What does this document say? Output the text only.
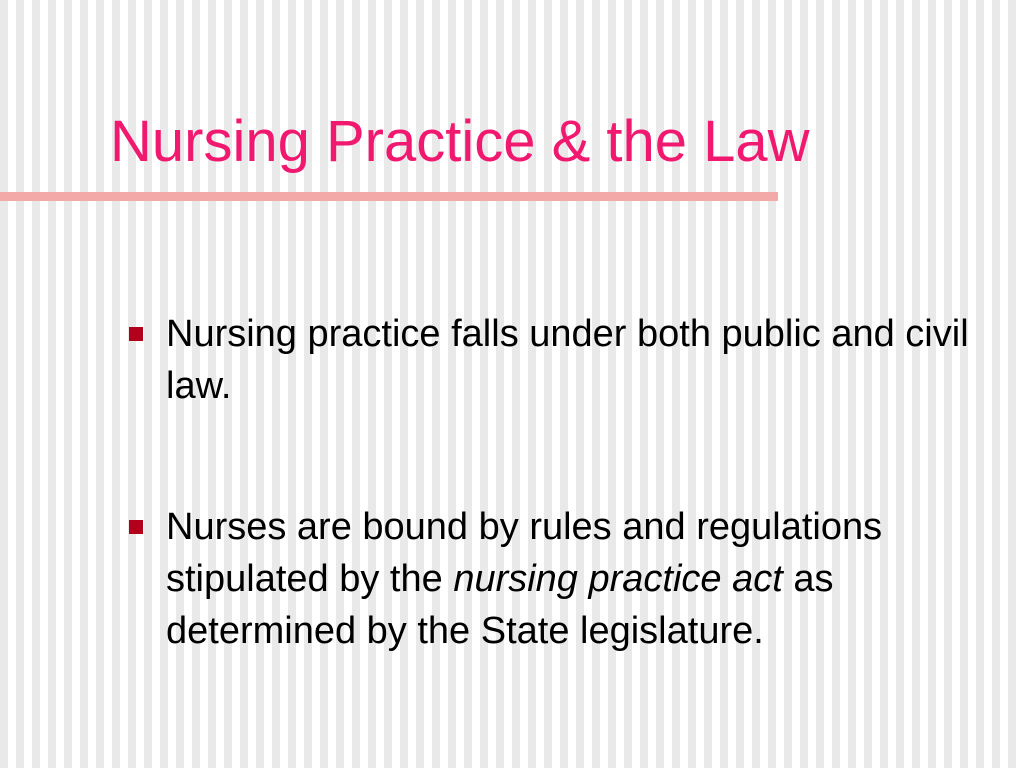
Nursing Practice & the Law
Nursing practice falls under both public and civil law.
Nurses are bound by rules and regulations stipulated by the nursing practice act as determined by the State legislature.
